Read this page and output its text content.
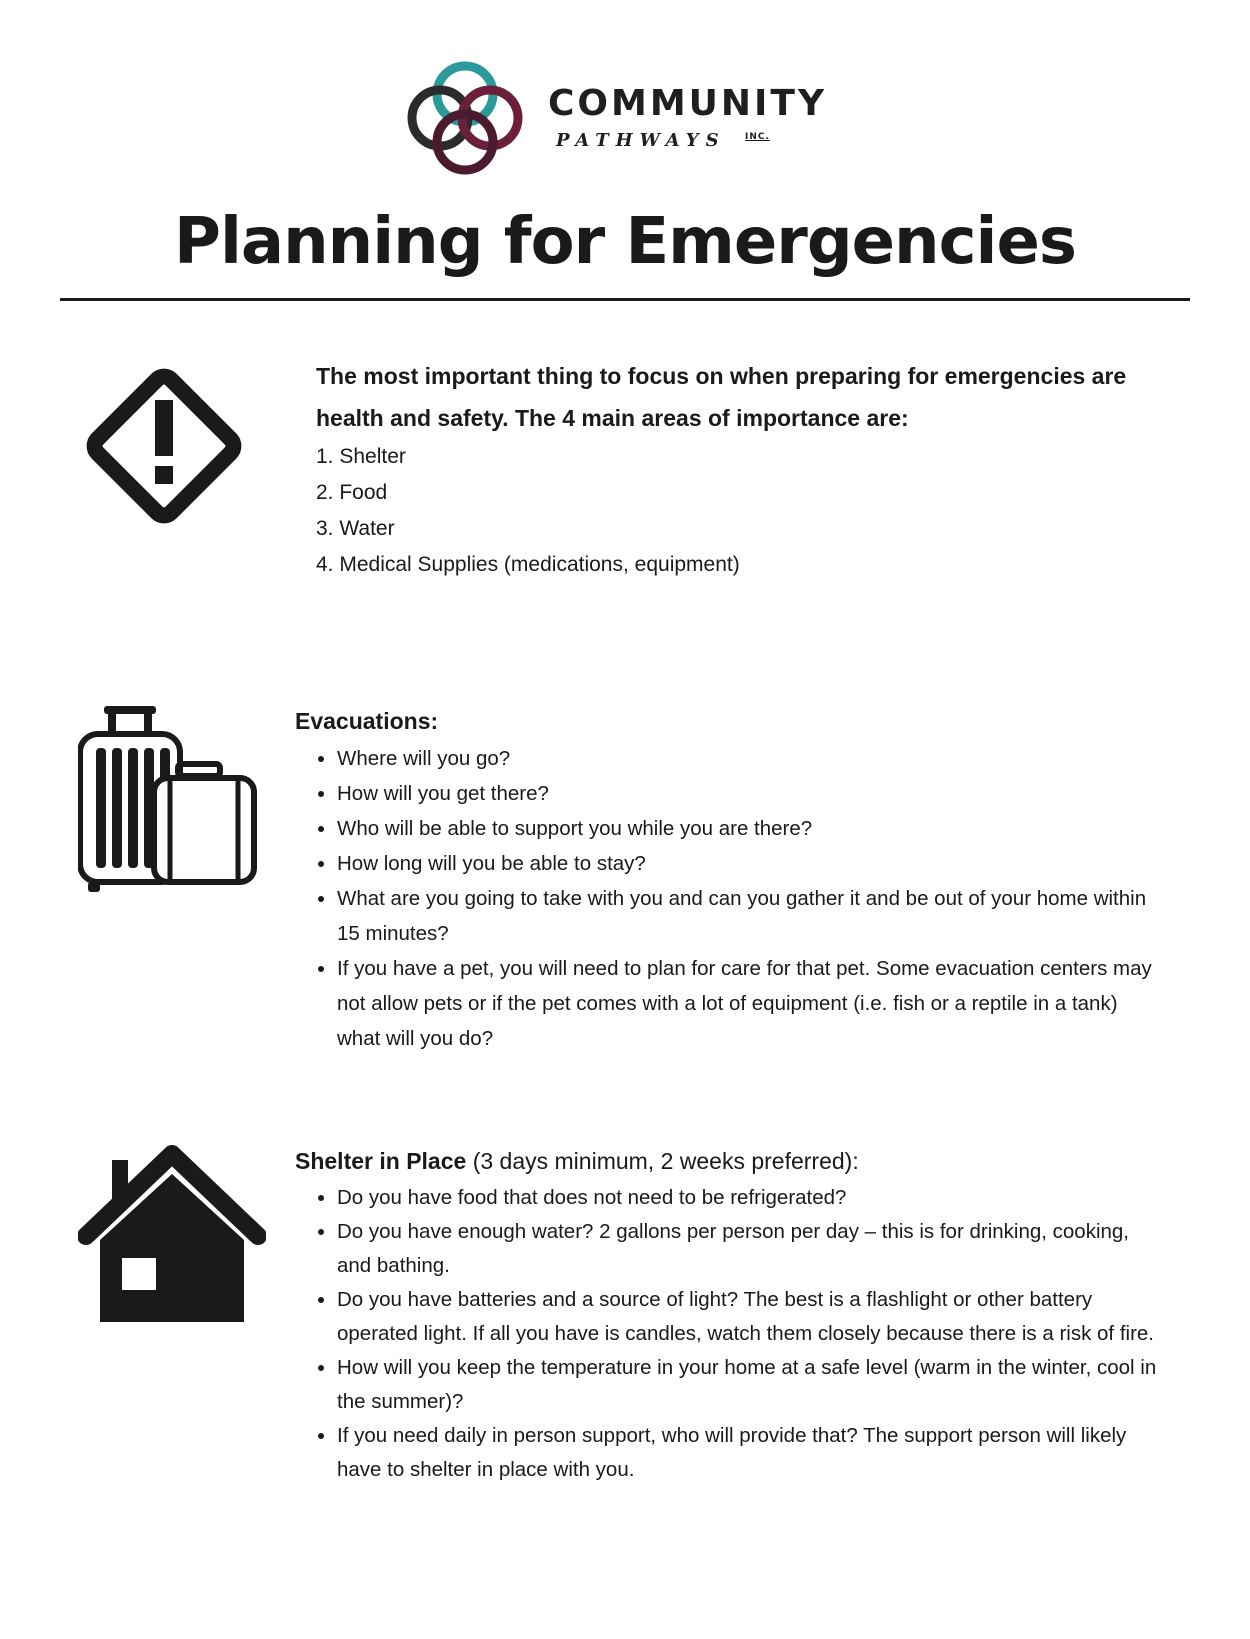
COMMUNITY
PATHWAYS INC.
Planning for Emergencies

The most important thing to focus on when preparing for emergencies are health and safety. The 4 main areas of importance are:

1. Shelter
2. Food
3. Water
4. Medical Supplies (medications, equipment)

Evacuations:

• Where will you go?
• How will you get there?
• Who will be able to support you while you are there?
• How long will you be able to stay?
• What are you going to take with you and can you gather it and be out of your home within 15 minutes?
• If you have a pet, you will need to plan for care for that pet. Some evacuation centers may not allow pets or if the pet comes with a lot of equipment (i.e. fish or a reptile in a tank) what will you do?

Shelter in Place (3 days minimum, 2 weeks preferred):

• Do you have food that does not need to be refrigerated?
• Do you have enough water? 2 gallons per person per day – this is for drinking, cooking, and bathing.
• Do you have batteries and a source of light? The best is a flashlight or other battery operated light. If all you have is candles, watch them closely because there is a risk of fire.
• How will you keep the temperature in your home at a safe level (warm in the winter, cool in the summer)?
• If you need daily in person support, who will provide that? The support person will likely have to shelter in place with you.
